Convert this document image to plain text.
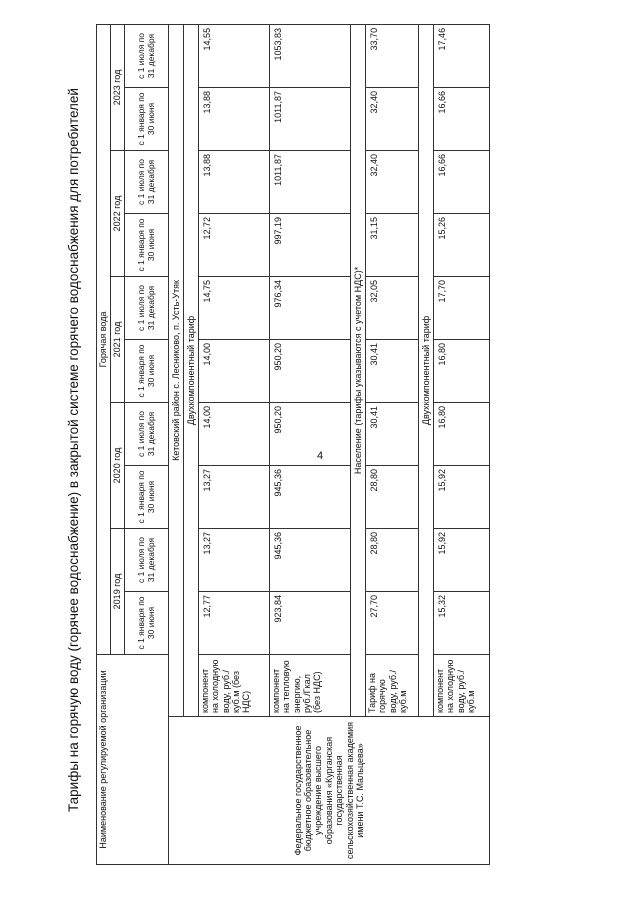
4
Тарифы на горячую воду (горячее водоснабжение) в закрытой системе горячего водоснабжения для потребителей Наименование регулируемой организации		Горячая вода									
		2019 год		2020 год		2021 год		2022 год		2023 год	
		с 1 января по 30 июня	с 1 июля по 31 декабря	с 1 января по 30 июня	с 1 июля по 31 декабря	с 1 января по 30 июня	с 1 июля по 31 декабря	с 1 января по 30 июня	с 1 июля по 31 декабря	с 1 января по 30 июня	с 1 июля по 31 декабря
Федеральное государственное бюджетное образовательное учреждение высшего образования «Курганская государственная сельскохозяйственная академия имени Т.С. Мальцева»	Кетовский район с. Лесниково, п. Усть-Утяк										
	Двухкомпонентный тариф										
	компонент на холодную воду, руб./куб.м (без НДС)	12,77	13,27	13,27	14,00	14,00	14,75	12,72	13,88	13,88	14,55
	компонент на тепловую энергию, руб./Гкал (без НДС)	923,84	945,36	945,36	950,20	950,20	976,34	997,19	1011,87	1011,87	1053,83
	Население (тарифы указываются с учетом НДС)*										
	Тариф на горячую воду, руб./куб.м	27,70	28,80	28,80	30,41	30,41	32,05	31,15	32,40	32,40	33,70
	Двухкомпонентный тариф										
	компонент на холодную воду, руб./куб.м	15,32	15,92	15,92	16,80	16,80	17,70	15,26	16,66	16,66	17,46
